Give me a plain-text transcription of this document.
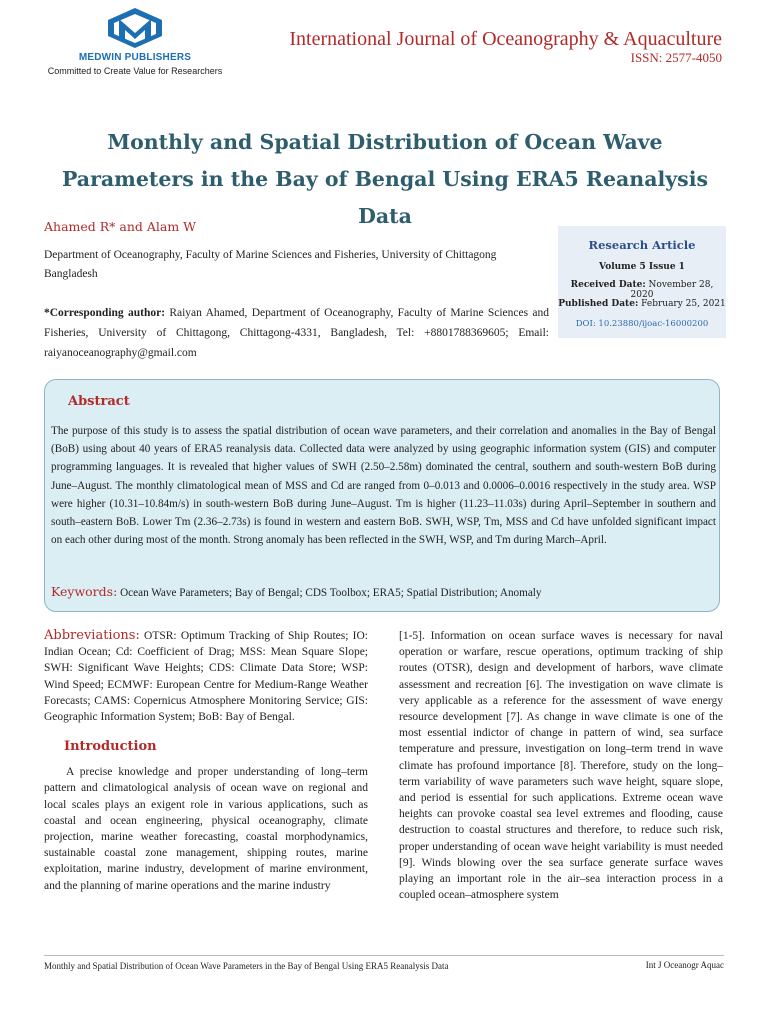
MEDWIN PUBLISHERS
Committed to Create Value for Researchers
International Journal of Oceanography & Aquaculture
ISSN: 2577-4050
Monthly and Spatial Distribution of Ocean Wave Parameters in the Bay of Bengal Using ERA5 Reanalysis Data
Ahamed R* and Alam W
Department of Oceanography, Faculty of Marine Sciences and Fisheries, University of Chittagong Bangladesh
*Corresponding author: Raiyan Ahamed, Department of Oceanography, Faculty of Marine Sciences and Fisheries, University of Chittagong, Chittagong-4331, Bangladesh, Tel: +8801788369605; Email: raiyanoceanography@gmail.com
Research Article
Volume 5 Issue 1
Received Date: November 28, 2020
Published Date: February 25, 2021
DOI: 10.23880/ijoac-16000200
Abstract
The purpose of this study is to assess the spatial distribution of ocean wave parameters, and their correlation and anomalies in the Bay of Bengal (BoB) using about 40 years of ERA5 reanalysis data. Collected data were analyzed by using geographic information system (GIS) and computer programming languages. It is revealed that higher values of SWH (2.50–2.58m) dominated the central, southern and south-western BoB during June–August. The monthly climatological mean of MSS and Cd are ranged from 0–0.013 and 0.0006–0.0016 respectively in the study area. WSP were higher (10.31–10.84m/s) in south-western BoB during June–August. Tm is higher (11.23–11.03s) during April–September in southern and south–eastern BoB. Lower Tm (2.36–2.73s) is found in western and eastern BoB. SWH, WSP, Tm, MSS and Cd have unfolded significant impact on each other during most of the month. Strong anomaly has been reflected in the SWH, WSP, and Tm during March–April.
Keywords: Ocean Wave Parameters; Bay of Bengal; CDS Toolbox; ERA5; Spatial Distribution; Anomaly

Abbreviations: OTSR: Optimum Tracking of Ship Routes; IO: Indian Ocean; Cd: Coefficient of Drag; MSS: Mean Square Slope; SWH: Significant Wave Heights; CDS: Climate Data Store; WSP: Wind Speed; ECMWF: European Centre for Medium-Range Weather Forecasts; CAMS: Copernicus Atmosphere Monitoring Service; GIS: Geographic Information System; BoB: Bay of Bengal.

Introduction

A precise knowledge and proper understanding of long–term pattern and climatological analysis of ocean wave on regional and local scales plays an exigent role in various applications, such as coastal and ocean engineering, physical oceanography, climate projection, marine weather forecasting, coastal morphodynamics, sustainable coastal zone management, shipping routes, marine exploitation, marine industry, development of marine environment, and the planning of marine operations and the marine industry

[1-5]. Information on ocean surface waves is necessary for naval operation or warfare, rescue operations, optimum tracking of ship routes (OTSR), design and development of harbors, wave climate assessment and recreation [6]. The investigation on wave climate is very applicable as a reference for the assessment of wave energy resource development [7]. As change in wave climate is one of the most essential indictor of change in pattern of wind, sea surface temperature and pressure, investigation on long–term trend in wave climate has profound importance [8]. Therefore, study on the long–term variability of wave parameters such wave height, square slope, and period is essential for such applications. Extreme ocean wave heights can provoke coastal sea level extremes and flooding, cause destruction to coastal structures and therefore, to reduce such risk, proper understanding of ocean wave height variability is must needed [9]. Winds blowing over the sea surface generate surface waves playing an important role in the air–sea interaction process in a coupled ocean–atmosphere system

Monthly and Spatial Distribution of Ocean Wave Parameters in the Bay of Bengal Using ERA5 Reanalysis Data	Int J Oceanogr Aquac
